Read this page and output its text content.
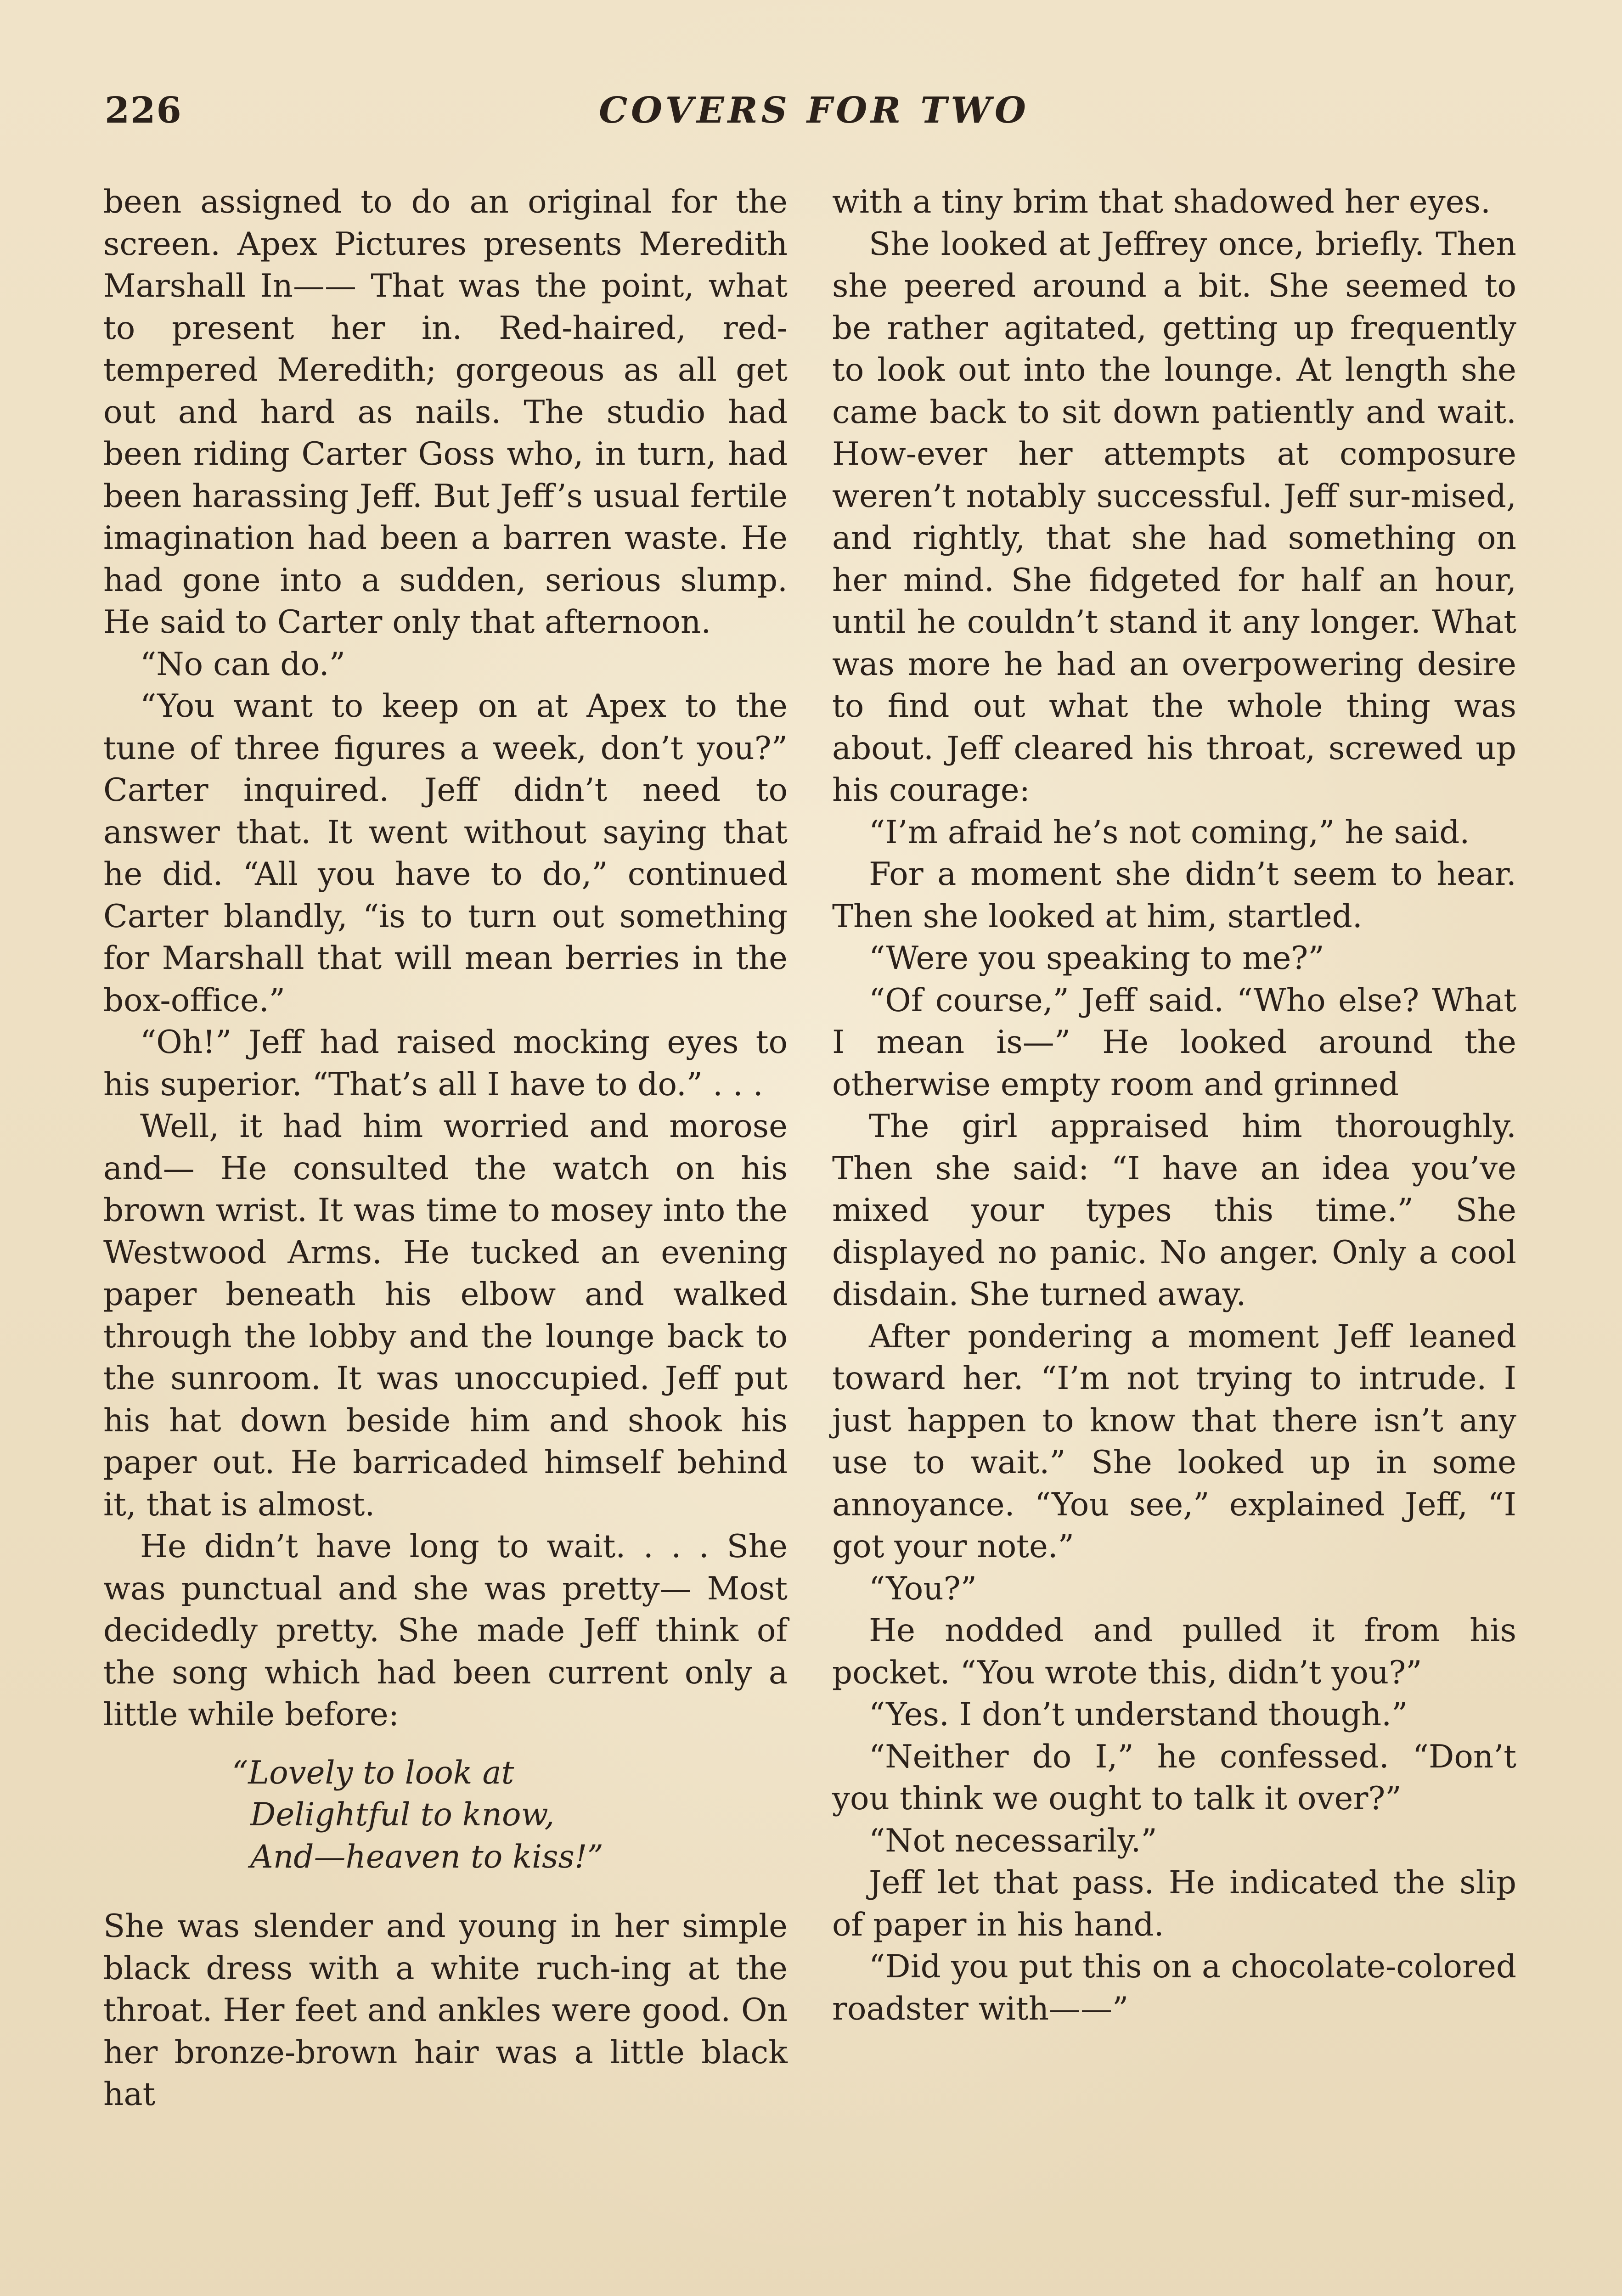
226	COVERS FOR TWO

been assigned to do an original for the screen. Apex Pictures presents Meredith Marshall In—— That was the point, what to present her in. Red-haired, red-tempered Meredith; gorgeous as all get out and hard as nails. The studio had been riding Carter Goss who, in turn, had been harassing Jeff. But Jeff’s usual fertile imagination had been a barren waste. He had gone into a sudden, serious slump. He said to Carter only that afternoon.

“No can do.”

“You want to keep on at Apex to the tune of three figures a week, don’t you?” Carter inquired. Jeff didn’t need to answer that. It went without saying that he did. “All you have to do,” continued Carter blandly, “is to turn out something for Marshall that will mean berries in the box-office.”

“Oh!” Jeff had raised mocking eyes to his superior. “That’s all I have to do.” . . .

Well, it had him worried and morose and— He consulted the watch on his brown wrist. It was time to mosey into the Westwood Arms. He tucked an evening paper beneath his elbow and walked through the lobby and the lounge back to the sunroom. It was unoccupied. Jeff put his hat down beside him and shook his paper out. He barricaded himself behind it, that is almost.

He didn’t have long to wait. . . . She was punctual and she was pretty— Most decidedly pretty. She made Jeff think of the song which had been current only a little while before:

“Lovely to look at
Delightful to know,
And—heaven to kiss!”

She was slender and young in her simple black dress with a white ruch-ing at the throat. Her feet and ankles were good. On her bronze-brown hair was a little black hat

with a tiny brim that shadowed her eyes.

She looked at Jeffrey once, briefly. Then she peered around a bit. She seemed to be rather agitated, getting up frequently to look out into the lounge. At length she came back to sit down patiently and wait. How-ever her attempts at composure weren’t notably successful. Jeff sur-mised, and rightly, that she had something on her mind. She fidgeted for half an hour, until he couldn’t stand it any longer. What was more he had an overpowering desire to find out what the whole thing was about. Jeff cleared his throat, screwed up his courage:

“I’m afraid he’s not coming,” he said.

For a moment she didn’t seem to hear. Then she looked at him, startled.

“Were you speaking to me?”

“Of course,” Jeff said. “Who else? What I mean is—” He looked around the otherwise empty room and grinned

The girl appraised him thoroughly. Then she said: “I have an idea you’ve mixed your types this time.” She displayed no panic. No anger. Only a cool disdain. She turned away.

After pondering a moment Jeff leaned toward her. “I’m not trying to intrude. I just happen to know that there isn’t any use to wait.” She looked up in some annoyance. “You see,” explained Jeff, “I got your note.”

“You?”

He nodded and pulled it from his pocket. “You wrote this, didn’t you?”

“Yes. I don’t understand though.”

“Neither do I,” he confessed. “Don’t you think we ought to talk it over?”

“Not necessarily.”

Jeff let that pass. He indicated the slip of paper in his hand.

“Did you put this on a chocolate-colored roadster with——”
